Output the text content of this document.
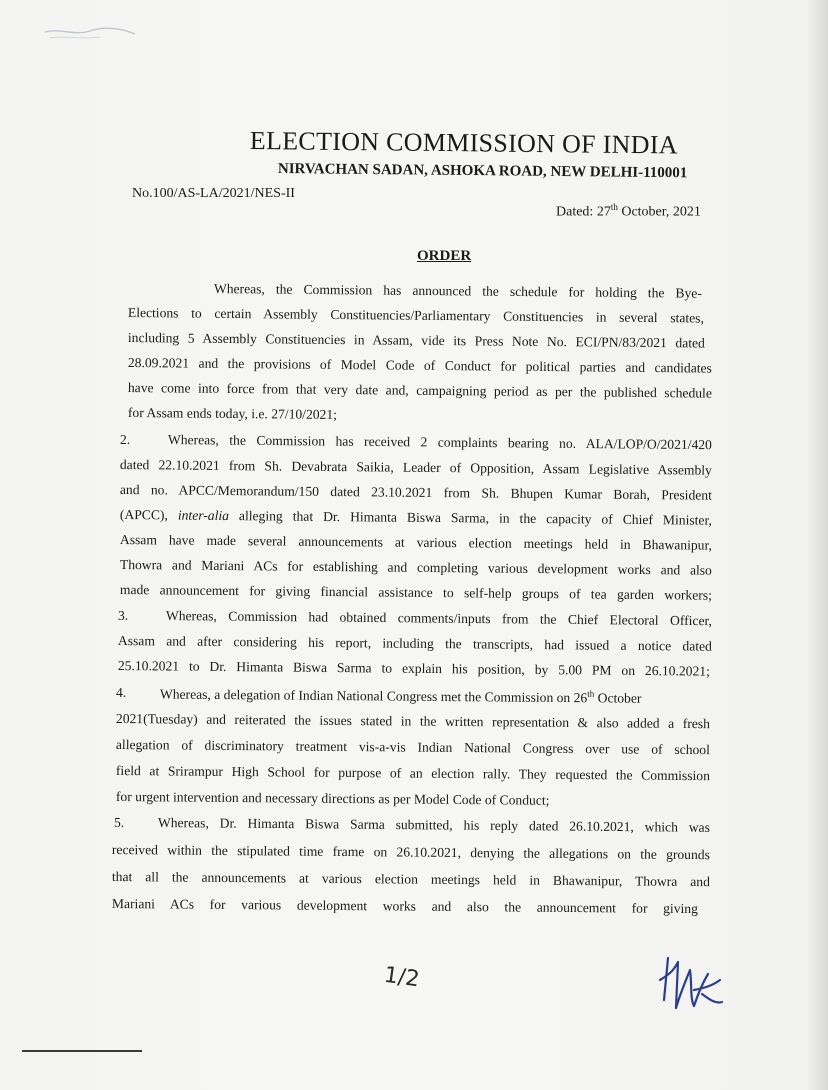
ELECTION COMMISSION OF INDIA
NIRVACHAN SADAN, ASHOKA ROAD, NEW DELHI-110001
No.100/AS-LA/2021/NES-II
Dated: 27th October, 2021
ORDER
Whereas, the Commission has announced the schedule for holding the Bye-
Elections to certain Assembly Constituencies/Parliamentary Constituencies in several states,
including 5 Assembly Constituencies in Assam, vide its Press Note No. ECI/PN/83/2021 dated
28.09.2021 and the provisions of Model Code of Conduct for political parties and candidates
have come into force from that very date and, campaigning period as per the published schedule
for Assam ends today, i.e. 27/10/2021;
2.	Whereas, the Commission has received 2 complaints bearing no. ALA/LOP/O/2021/420
dated 22.10.2021 from Sh. Devabrata Saikia, Leader of Opposition, Assam Legislative Assembly
and no. APCC/Memorandum/150 dated 23.10.2021 from Sh. Bhupen Kumar Borah, President
(APCC), inter-alia alleging that Dr. Himanta Biswa Sarma, in the capacity of Chief Minister,
Assam have made several announcements at various election meetings held in Bhawanipur,
Thowra and Mariani ACs for establishing and completing various development works and also
made announcement for giving financial assistance to self-help groups of tea garden workers;
3.	Whereas, Commission had obtained comments/inputs from the Chief Electoral Officer,
Assam and after considering his report, including the transcripts, had issued a notice dated
25.10.2021 to Dr. Himanta Biswa Sarma to explain his position, by 5.00 PM on 26.10.2021;
4.	Whereas, a delegation of Indian National Congress met the Commission on 26th October
2021(Tuesday) and reiterated the issues stated in the written representation & also added a fresh
allegation of discriminatory treatment vis-a-vis Indian National Congress over use of school
field at Srirampur High School for purpose of an election rally. They requested the Commission
for urgent intervention and necessary directions as per Model Code of Conduct;
5.	Whereas, Dr. Himanta Biswa Sarma submitted, his reply dated 26.10.2021, which was
received within the stipulated time frame on 26.10.2021, denying the allegations on the grounds
that all the announcements at various election meetings held in Bhawanipur, Thowra and
Mariani ACs for various development works and also the announcement for giving
1/2
